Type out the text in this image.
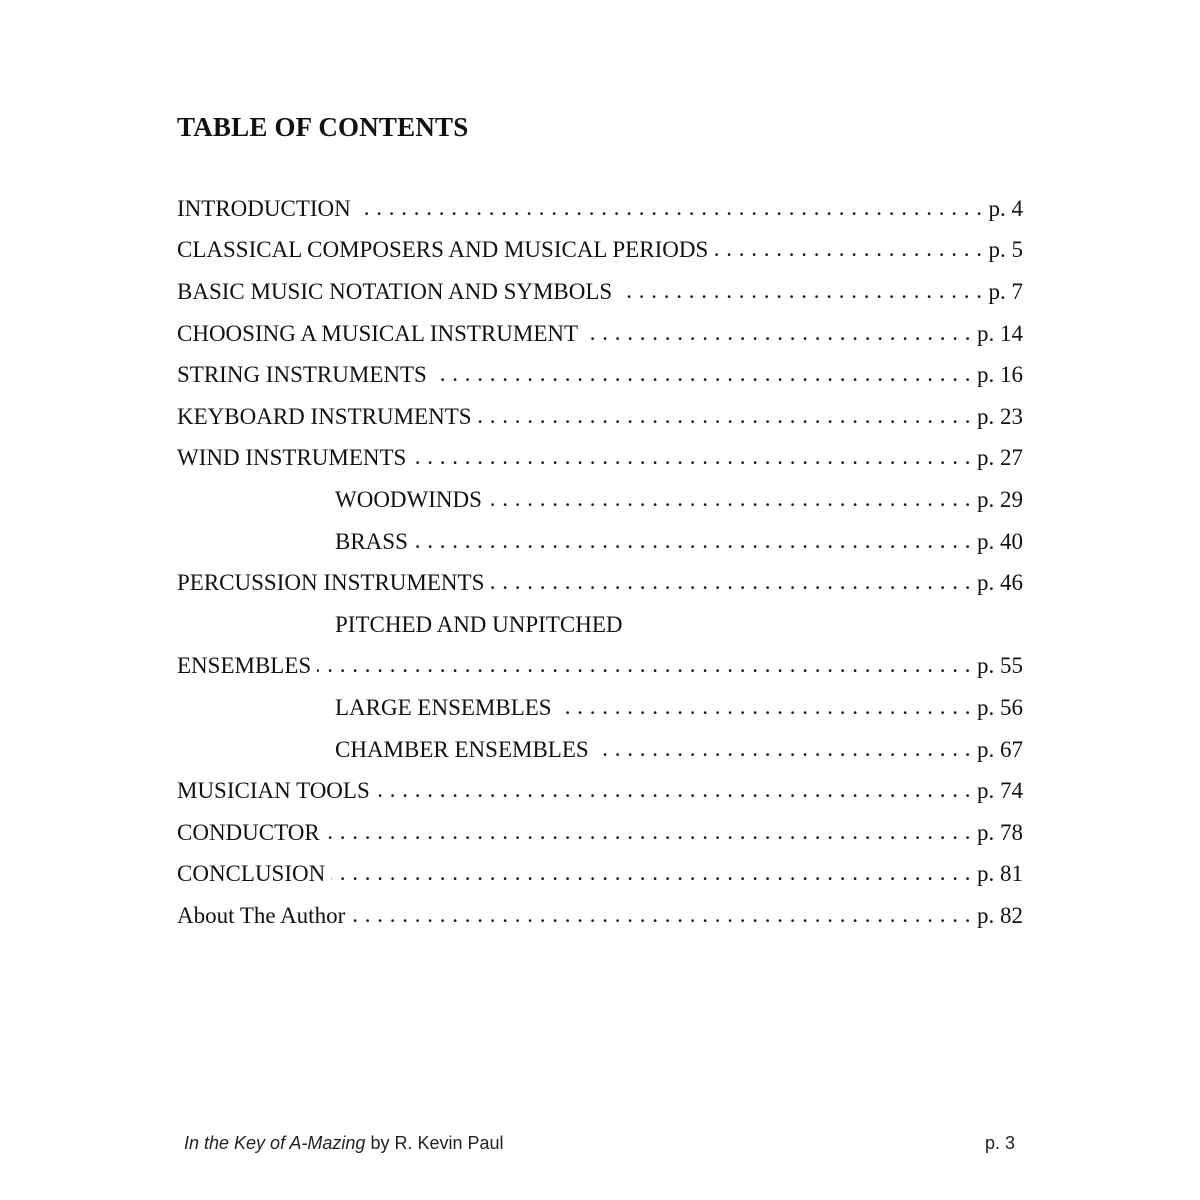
TABLE OF CONTENTS
INTRODUCTION . . .	p. 4
CLASSICAL COMPOSERS AND MUSICAL PERIODS . . .	p. 5
BASIC MUSIC NOTATION AND SYMBOLS . . .	p. 7
CHOOSING A MUSICAL INSTRUMENT . . .	p. 14
STRING INSTRUMENTS . . .	p. 16
KEYBOARD INSTRUMENTS . . .	p. 23
WIND INSTRUMENTS . . .	p. 27
WOODWINDS . . .	p. 29
BRASS . . .	p. 40
PERCUSSION INSTRUMENTS . . .	p. 46
PITCHED AND UNPITCHED
ENSEMBLES . . .	p. 55
LARGE ENSEMBLES . . .	p. 56
CHAMBER ENSEMBLES . . .	p. 67
MUSICIAN TOOLS . . .	p. 74
CONDUCTOR . . .	p. 78
CONCLUSION . . .	p. 81
About The Author . . .	p. 82
In the Key of A-Mazing by R. Kevin Paul	p. 3
